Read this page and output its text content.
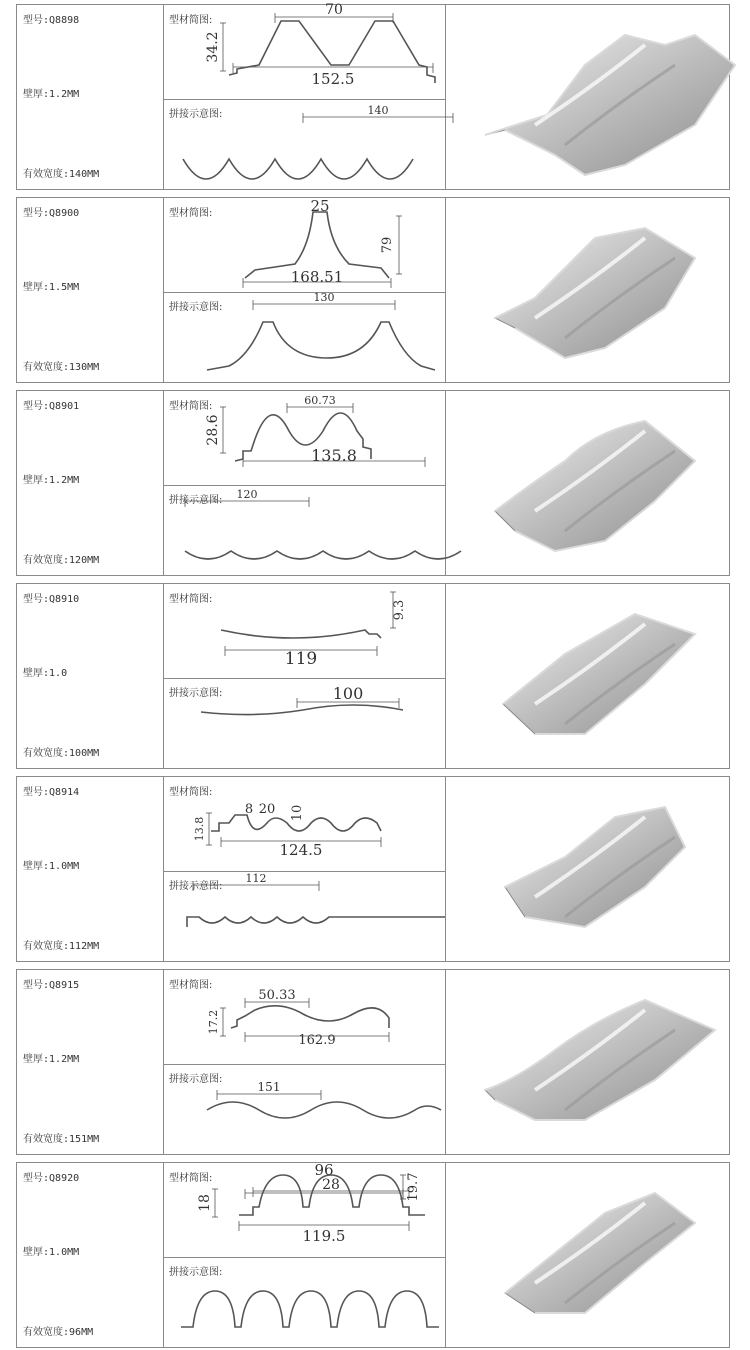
型号:Q8898
壁厚:1.2MM
有效宽度:140MM
型材简图:
70
34.2
152.5
拼接示意图:	140
型号:Q8900
壁厚:1.5MM
有效宽度:130MM
型材简图:
168.51
79
25
拼接示意图:
130
型号:Q8901
壁厚:1.2MM
有效宽度:120MM
型材简图:	60.73
28.6
135.8
拼接示意图: 120
型号:Q8910
壁厚:1.0
有效宽度:100MM
型材简图:
119
9.3
拼接示意图:	100
型号:Q8914
壁厚:1.0MM
有效宽度:112MM
型材简图:
124.5
13.8
8 20 10
拼接示意图:
112
型号:Q8915
壁厚:1.2MM
有效宽度:151MM
型材简图:
50.33
17.2
162.9
拼接示意图:
151
型号:Q8920
壁厚:1.0MM
有效宽度:96MM
型材简图:	96
28
18
19.7
119.5
拼接示意图:
